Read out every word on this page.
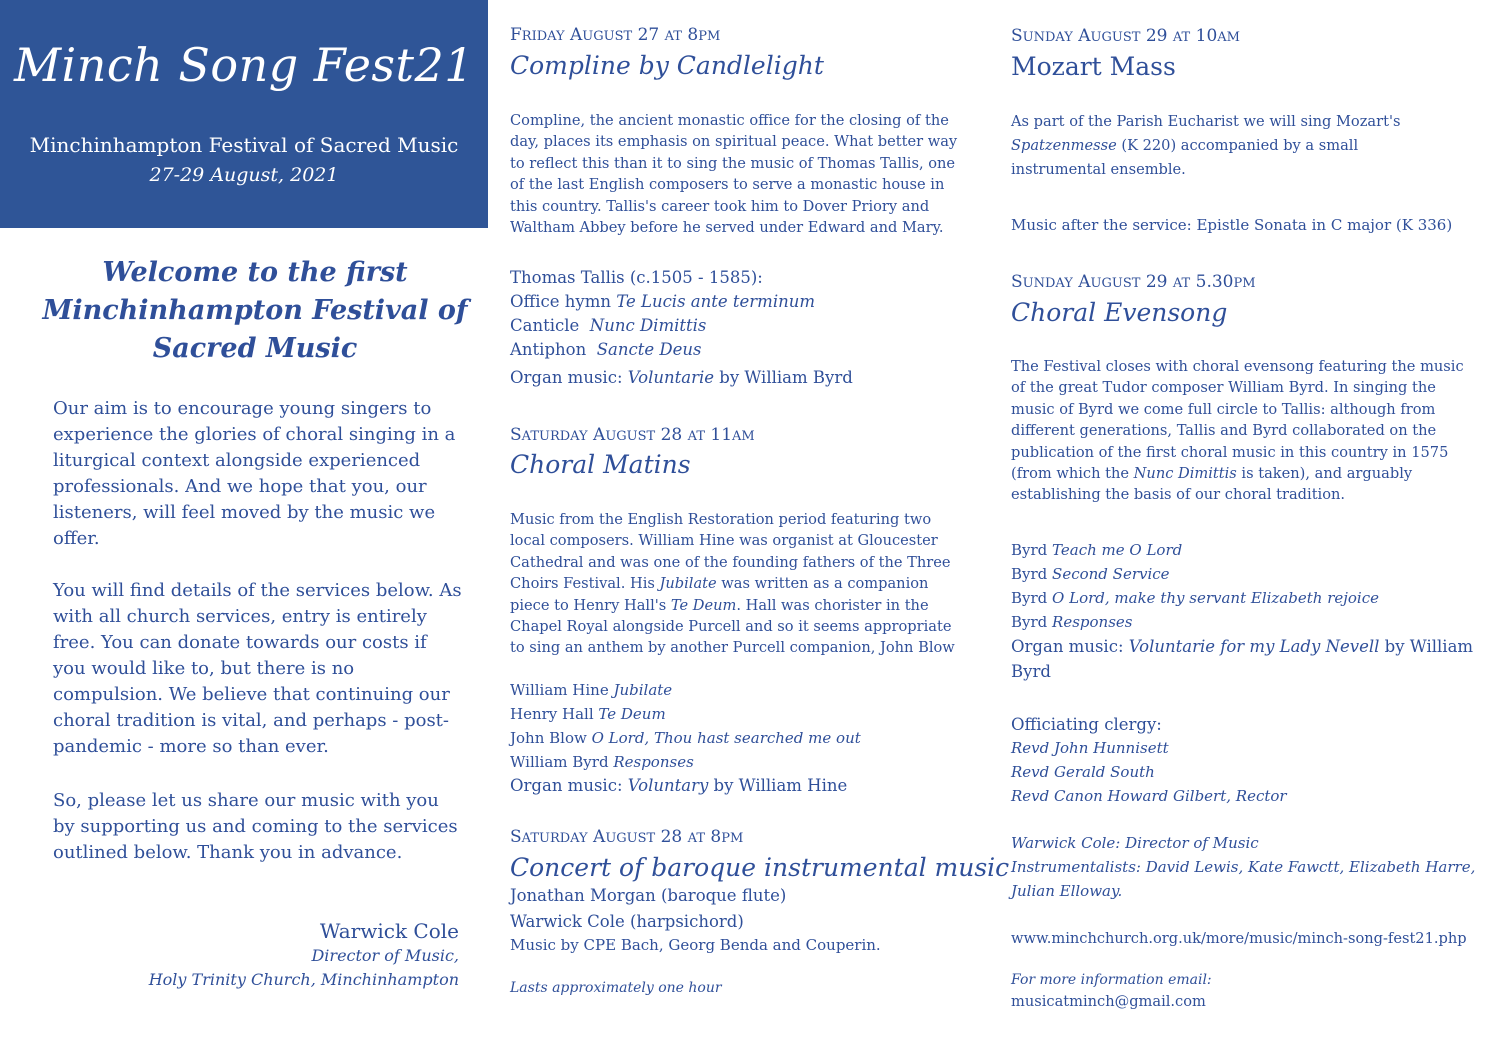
Minch Song Fest21
Minchinhampton Festival of Sacred Music
27-29 August, 2021
Welcome to the first
Minchinhampton Festival of
Sacred Music

Our aim is to encourage young singers to experience the glories of choral singing in a liturgical context alongside experienced professionals. And we hope that you, our listeners, will feel moved by the music we offer.

You will find details of the services below. As with all church services, entry is entirely free. You can donate towards our costs if you would like to, but there is no compulsion. We believe that continuing our choral tradition is vital, and perhaps - post-pandemic - more so than ever.

So, please let us share our music with you by supporting us and coming to the services outlined below. Thank you in advance.

Warwick Cole
Director of Music,
Holy Trinity Church, Minchinhampton
FRIDAY AUGUST 27 AT 8PM
Compline by Candlelight

Compline, the ancient monastic office for the closing of the day, places its emphasis on spiritual peace. What better way to reflect this than it to sing the music of Thomas Tallis, one of the last English composers to serve a monastic house in this country. Tallis's career took him to Dover Priory and Waltham Abbey before he served under Edward and Mary.

Thomas Tallis (c.1505 - 1585):
Office hymn Te Lucis ante terminum
Canticle  Nunc Dimittis
Antiphon  Sancte Deus
Organ music: Voluntarie by William Byrd
SATURDAY AUGUST 28 AT 11AM
Choral Matins

Music from the English Restoration period featuring two local composers. William Hine was organist at Gloucester Cathedral and was one of the founding fathers of the Three Choirs Festival. His Jubilate was written as a companion piece to Henry Hall's Te Deum. Hall was chorister in the Chapel Royal alongside Purcell and so it seems appropriate to sing an anthem by another Purcell companion, John Blow

William Hine Jubilate
Henry Hall Te Deum
John Blow O Lord, Thou hast searched me out
William Byrd Responses
Organ music: Voluntary by William Hine
SATURDAY AUGUST 28 AT 8PM
Concert of baroque instrumental music
Jonathan Morgan (baroque flute)
Warwick Cole (harpsichord)
Music by CPE Bach, Georg Benda and Couperin.
Lasts approximately one hour
SUNDAY AUGUST 29 AT 10AM
Mozart Mass

As part of the Parish Eucharist we will sing Mozart's Spatzenmesse (K 220) accompanied by a small instrumental ensemble.

Music after the service: Epistle Sonata in C major (K 336)
SUNDAY AUGUST 29 AT 5.30PM
Choral Evensong

The Festival closes with choral evensong featuring the music of the great Tudor composer William Byrd. In singing the music of Byrd we come full circle to Tallis: although from different generations, Tallis and Byrd collaborated on the publication of the first choral music in this country in 1575 (from which the Nunc Dimittis is taken), and arguably establishing the basis of our choral tradition.

Byrd Teach me O Lord
Byrd Second Service
Byrd O Lord, make thy servant Elizabeth rejoice
Byrd Responses
Organ music: Voluntarie for my Lady Nevell by William
Byrd
Officiating clergy:
Revd John Hunnisett
Revd Gerald South
Revd Canon Howard Gilbert, Rector
Warwick Cole: Director of Music
Instrumentalists: David Lewis, Kate Fawctt, Elizabeth Harre,
Julian Elloway.
www.minchchurch.org.uk/more/music/minch-song-fest21.php
For more information email:
musicatminch@gmail.com
